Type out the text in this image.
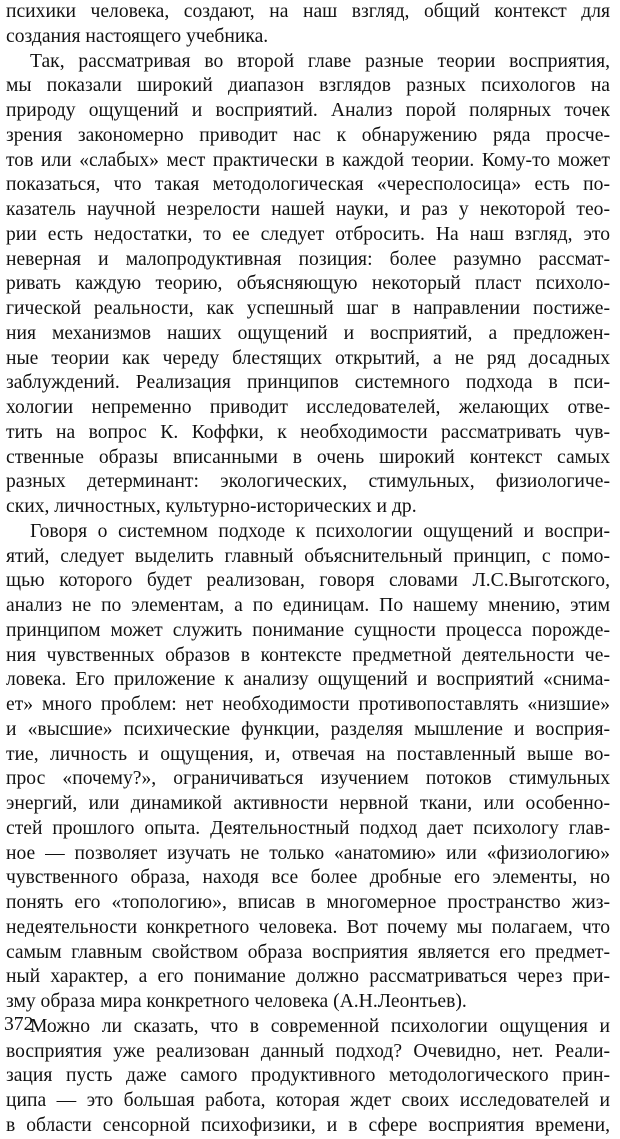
психики человека, создают, на наш взгляд, общий контекст для
создания настоящего учебника.
Так, рассматривая во второй главе разные теории восприятия,
мы показали широкий диапазон взглядов разных психологов на
природу ощущений и восприятий. Анализ порой полярных точек
зрения закономерно приводит нас к обнаружению ряда просче-
тов или «слабых» мест практически в каждой теории. Кому-то может
показаться, что такая методологическая «чересполосица» есть по-
казатель научной незрелости нашей науки, и раз у некоторой тео-
рии есть недостатки, то ее следует отбросить. На наш взгляд, это
неверная и малопродуктивная позиция: более разумно рассмат-
ривать каждую теорию, объясняющую некоторый пласт психоло-
гической реальности, как успешный шаг в направлении постиже-
ния механизмов наших ощущений и восприятий, а предложен-
ные теории как череду блестящих открытий, а не ряд досадных
заблуждений. Реализация принципов системного подхода в пси-
хологии непременно приводит исследователей, желающих отве-
тить на вопрос К. Коффки, к необходимости рассматривать чув-
ственные образы вписанными в очень широкий контекст самых
разных детерминант: экологических, стимульных, физиологиче-
ских, личностных, культурно-исторических и др.
Говоря о системном подходе к психологии ощущений и воспри-
ятий, следует выделить главный объяснительный принцип, с помо-
щью которого будет реализован, говоря словами Л.С.Выготского,
анализ не по элементам, а по единицам. По нашему мнению, этим
принципом может служить понимание сущности процесса порожде-
ния чувственных образов в контексте предметной деятельности че-
ловека. Его приложение к анализу ощущений и восприятий «снима-
ет» много проблем: нет необходимости противопоставлять «низшие»
и «высшие» психические функции, разделяя мышление и восприя-
тие, личность и ощущения, и, отвечая на поставленный выше во-
прос «почему?», ограничиваться изучением потоков стимульных
энергий, или динамикой активности нервной ткани, или особенно-
стей прошлого опыта. Деятельностный подход дает психологу глав-
ное — позволяет изучать не только «анатомию» или «физиологию»
чувственного образа, находя все более дробные его элементы, но
понять его «топологию», вписав в многомерное пространство жиз-
недеятельности конкретного человека. Вот почему мы полагаем, что
самым главным свойством образа восприятия является его предмет-
ный характер, а его понимание должно рассматриваться через при-
зму образа мира конкретного человека (А.Н.Леонтьев).
Можно ли сказать, что в современной психологии ощущения и
восприятия уже реализован данный подход? Очевидно, нет. Реали-
зация пусть даже самого продуктивного методологического прин-
ципа — это большая работа, которая ждет своих исследователей и
в области сенсорной психофизики, и в сфере восприятия времени,
372
